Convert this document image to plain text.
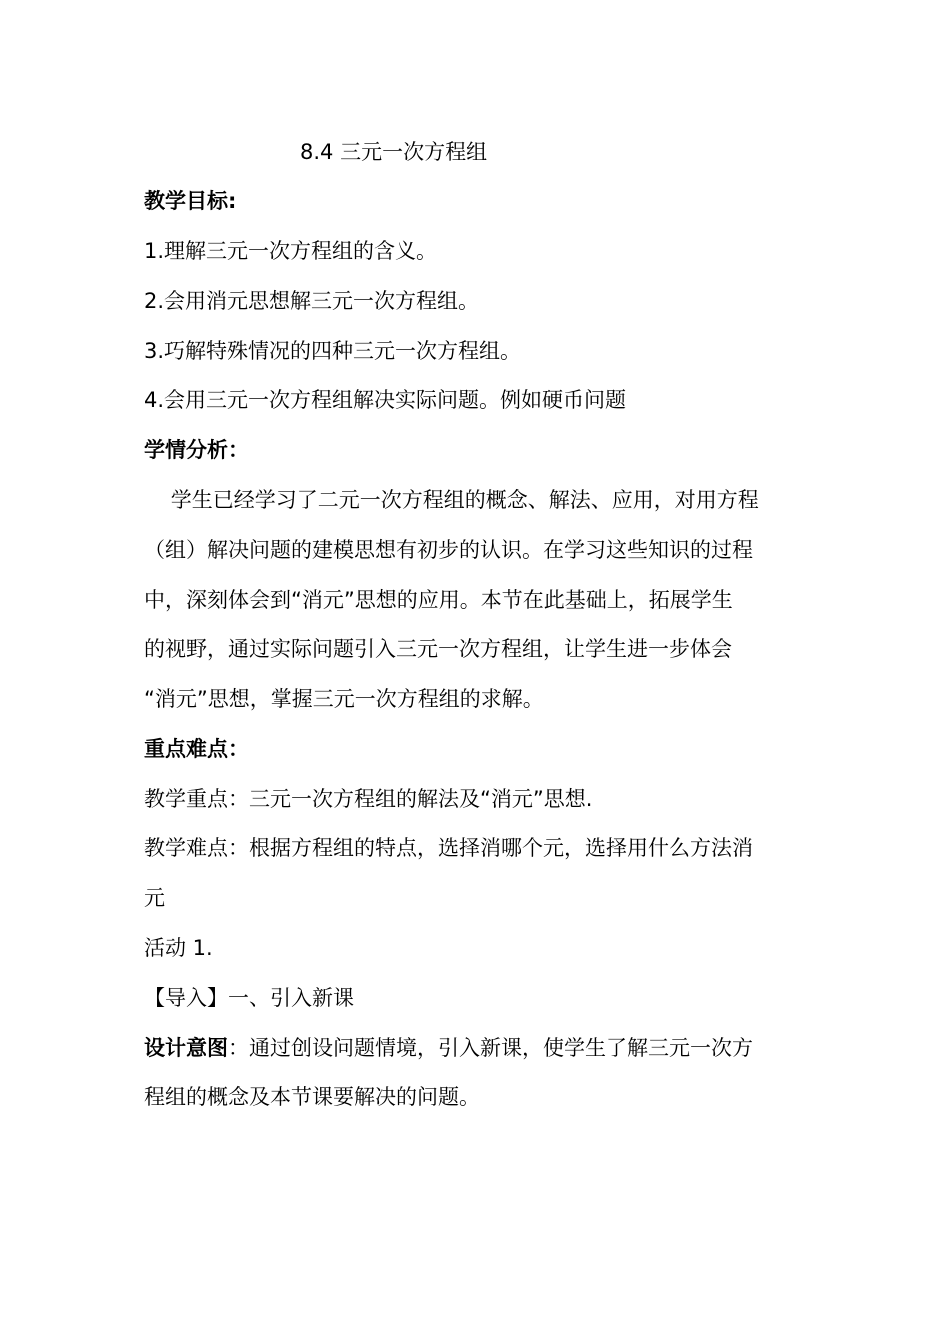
8.4 三元一次方程组
教学目标:
1.理解三元一次方程组的含义。
2.会用消元思想解三元一次方程组。
3.巧解特殊情况的四种三元一次方程组。
4.会用三元一次方程组解决实际问题。例如硬币问题
学情分析：
学生已经学习了二元一次方程组的概念、解法、应用，对用方程
（组）解决问题的建模思想有初步的认识。在学习这些知识的过程
中，深刻体会到“消元”思想的应用。本节在此基础上，拓展学生
的视野，通过实际问题引入三元一次方程组，让学生进一步体会
“消元”思想，掌握三元一次方程组的求解。
重点难点：
教学重点：三元一次方程组的解法及“消元”思想.
教学难点：根据方程组的特点，选择消哪个元，选择用什么方法消
元
活动 1.
【导入】一、引入新课
设计意图：通过创设问题情境，引入新课，使学生了解三元一次方
程组的概念及本节课要解决的问题。
